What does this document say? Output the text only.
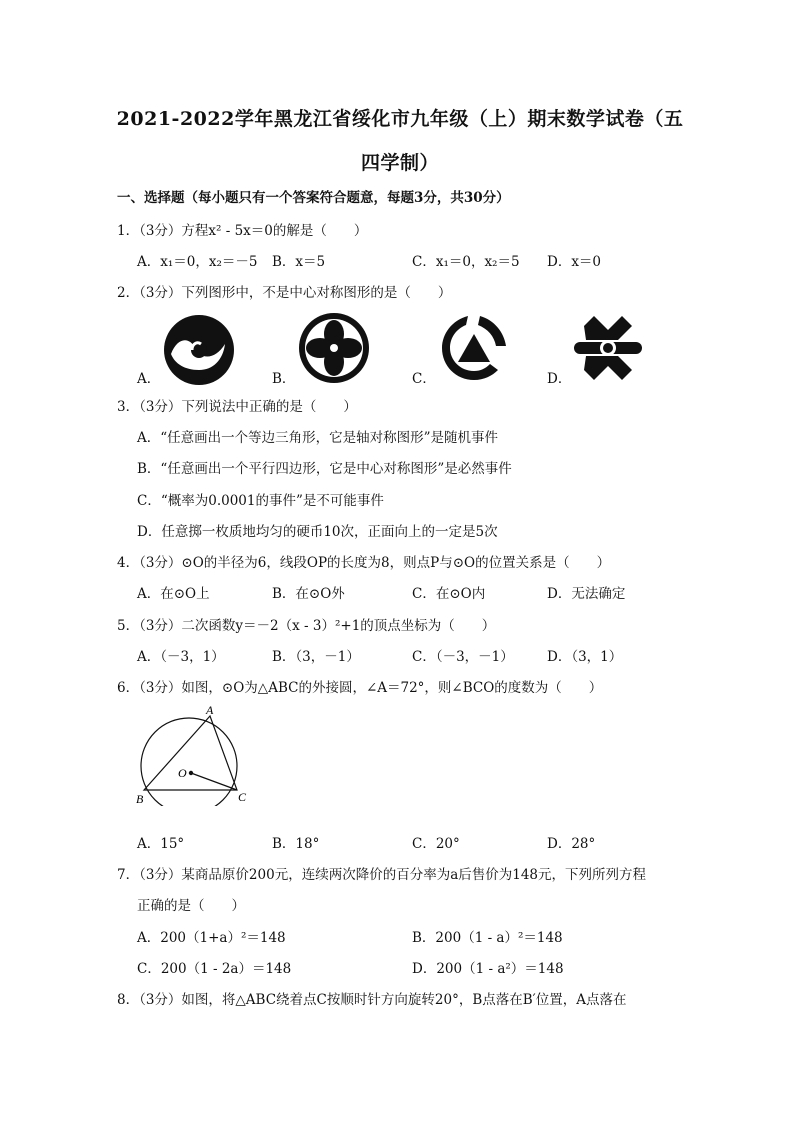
2021-2022学年黑龙江省绥化市九年级（上）期末数学试卷（五
四学制）
一、选择题（每小题只有一个答案符合题意，每题3分，共30分）
1．（3分）方程x² - 5x＝0的解是（　　）
A．x₁＝0，x₂＝－5 B．x＝5	C．x₁＝0，x₂＝5 D．x＝0
2．（3分）下列图形中，不是中心对称图形的是（　　）
A．	B．	C．	D．
3．（3分）下列说法中正确的是（　　）
A．“任意画出一个等边三角形，它是轴对称图形”是随机事件
B．“任意画出一个平行四边形，它是中心对称图形”是必然事件
C．“概率为0.0001的事件”是不可能事件
D．任意掷一枚质地均匀的硬币10次，正面向上的一定是5次
4．（3分）⊙O的半径为6，线段OP的长度为8，则点P与⊙O的位置关系是（　　）
A．在⊙O上	B．在⊙O外	C．在⊙O内	D．无法确定
5．（3分）二次函数y＝－2（x - 3）²+1的顶点坐标为（　　）
A．（－3，1）	B．（3，－1）	C．（－3，－1） D．（3，1）
6．（3分）如图，⊙O为△ABC的外接圆，∠A＝72°，则∠BCO的度数为（　　）
A
B	C
O
A．15°	B．18°	C．20°	D．28°
7．（3分）某商品原价200元，连续两次降价的百分率为a后售价为148元，下列所列方程
正确的是（　　）
A．200（1+a）²＝148	B．200（1 - a）²＝148
C．200（1 - 2a）＝148	D．200（1 - a²）＝148
8．（3分）如图，将△ABC绕着点C按顺时针方向旋转20°，B点落在B′位置，A点落在
